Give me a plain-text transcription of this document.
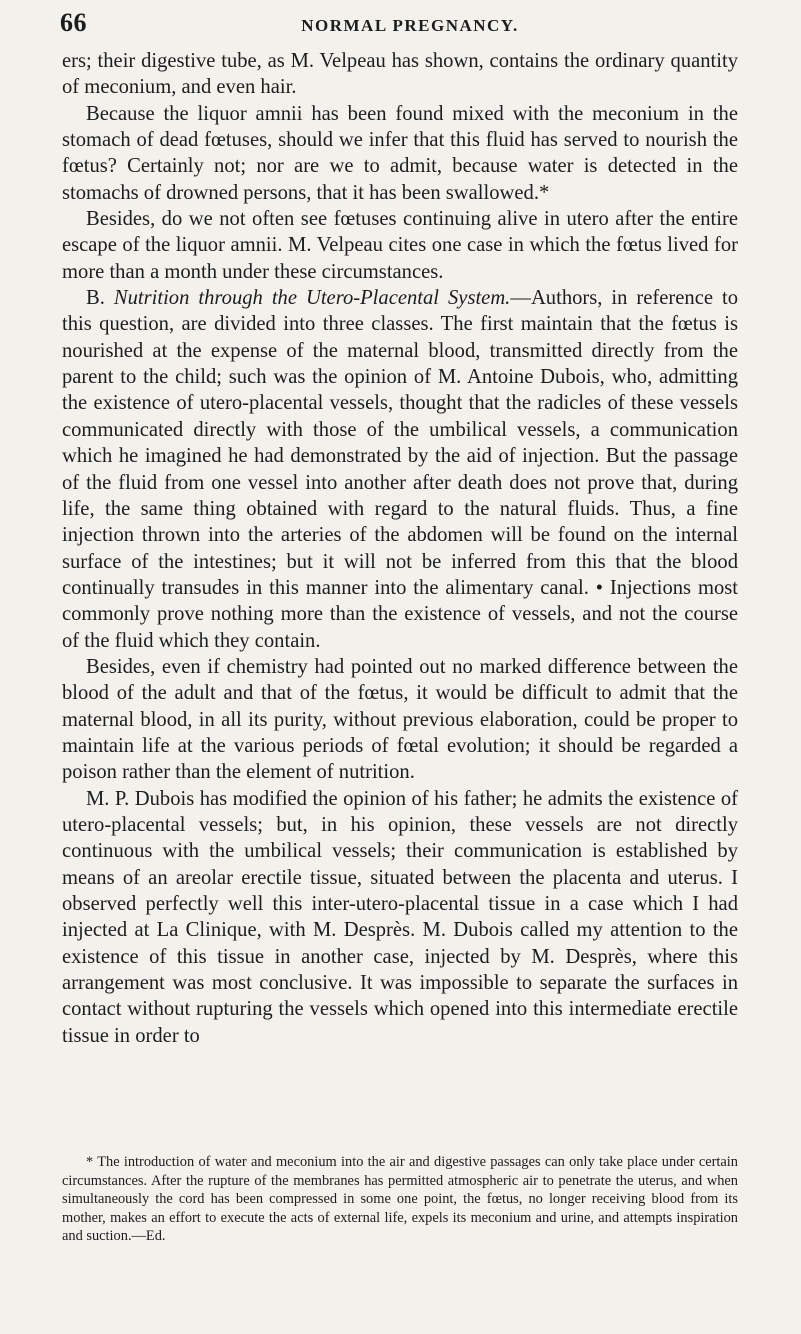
66	NORMAL PREGNANCY.

ers; their digestive tube, as M. Velpeau has shown, contains the ordinary quantity of meconium, and even hair.

Because the liquor amnii has been found mixed with the meconium in the stomach of dead fœtuses, should we infer that this fluid has served to nourish the fœtus? Certainly not; nor are we to admit, because water is detected in the stomachs of drowned persons, that it has been swallowed.*

Besides, do we not often see fœtuses continuing alive in utero after the entire escape of the liquor amnii. M. Velpeau cites one case in which the fœtus lived for more than a month under these circumstances.

B. Nutrition through the Utero-Placental System.—Authors, in reference to this question, are divided into three classes. The first maintain that the fœtus is nourished at the expense of the maternal blood, transmitted directly from the parent to the child; such was the opinion of M. Antoine Dubois, who, admitting the existence of utero-placental vessels, thought that the radicles of these vessels communicated directly with those of the umbilical vessels, a communication which he imagined he had demonstrated by the aid of injection. But the passage of the fluid from one vessel into another after death does not prove that, during life, the same thing obtained with regard to the natural fluids. Thus, a fine injection thrown into the arteries of the abdomen will be found on the internal surface of the intestines; but it will not be inferred from this that the blood continually transudes in this manner into the alimentary canal. • Injections most commonly prove nothing more than the existence of vessels, and not the course of the fluid which they contain.

Besides, even if chemistry had pointed out no marked difference between the blood of the adult and that of the fœtus, it would be difficult to admit that the maternal blood, in all its purity, without previous elaboration, could be proper to maintain life at the various periods of fœtal evolution; it should be regarded a poison rather than the element of nutrition.

M. P. Dubois has modified the opinion of his father; he admits the existence of utero-placental vessels; but, in his opinion, these vessels are not directly continuous with the umbilical vessels; their communication is established by means of an areolar erectile tissue, situated between the placenta and uterus. I observed perfectly well this inter-utero-placental tissue in a case which I had injected at La Clinique, with M. Desprès. M. Dubois called my attention to the existence of this tissue in another case, injected by M. Desprès, where this arrangement was most conclusive. It was impossible to separate the surfaces in contact without rupturing the vessels which opened into this intermediate erectile tissue in order to

* The introduction of water and meconium into the air and digestive passages can only take place under certain circumstances. After the rupture of the membranes has permitted atmospheric air to penetrate the uterus, and when simultaneously the cord has been compressed in some one point, the fœtus, no longer receiving blood from its mother, makes an effort to execute the acts of external life, expels its meconium and urine, and attempts inspiration and suction.—Ed.
